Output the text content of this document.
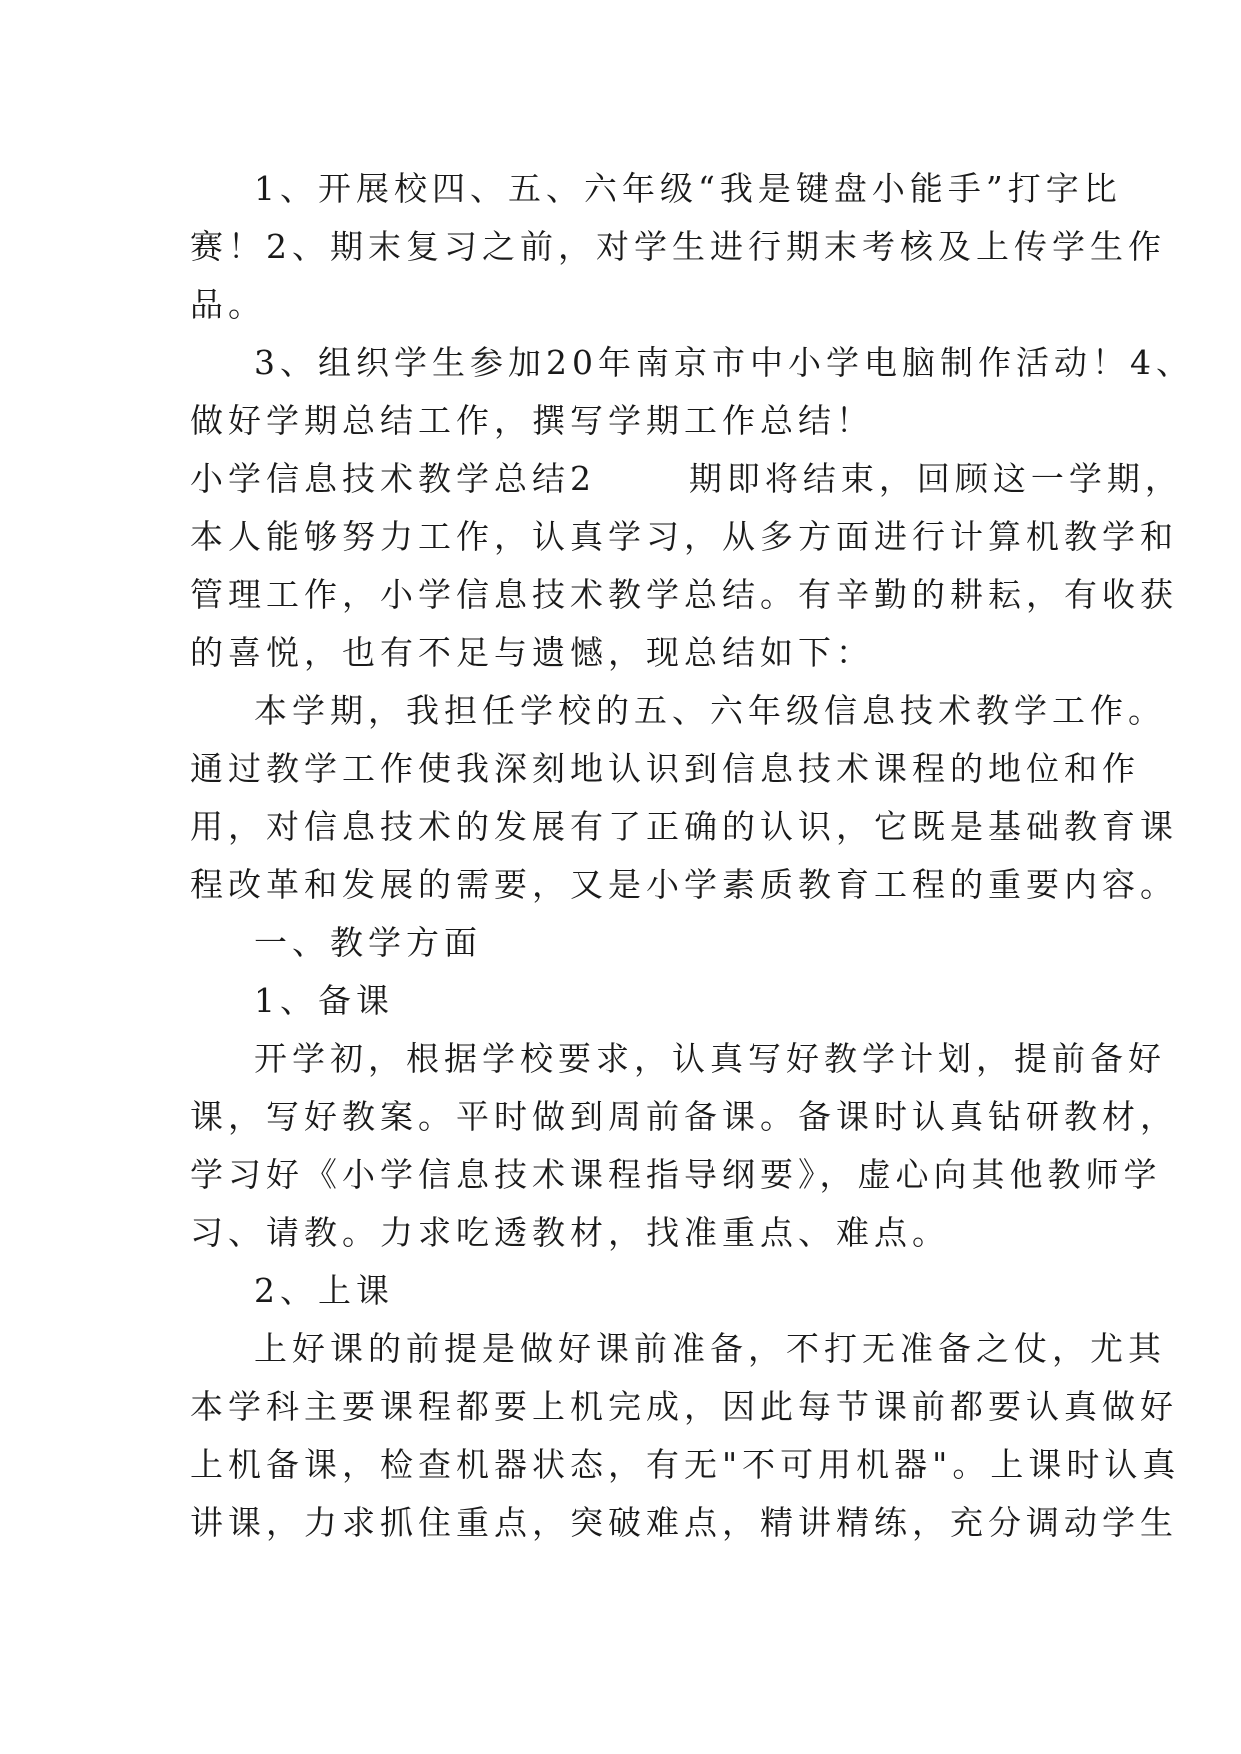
1、开展校四、五、六年级“我是键盘小能手”打字比
赛！2、期末复习之前，对学生进行期末考核及上传学生作
品。
3、组织学生参加20年南京市中小学电脑制作活动！4、
做好学期总结工作，撰写学期工作总结！
小学信息技术教学总结2      期即将结束，回顾这一学期，
本人能够努力工作，认真学习，从多方面进行计算机教学和
管理工作，小学信息技术教学总结。有辛勤的耕耘，有收获
的喜悦，也有不足与遗憾，现总结如下：
本学期，我担任学校的五、六年级信息技术教学工作。
通过教学工作使我深刻地认识到信息技术课程的地位和作
用，对信息技术的发展有了正确的认识，它既是基础教育课
程改革和发展的需要，又是小学素质教育工程的重要内容。
一、教学方面
1、备课
开学初，根据学校要求，认真写好教学计划，提前备好
课，写好教案。平时做到周前备课。备课时认真钻研教材，
学习好《小学信息技术课程指导纲要》，虚心向其他教师学
习、请教。力求吃透教材，找准重点、难点。
2、上课
上好课的前提是做好课前准备，不打无准备之仗，尤其
本学科主要课程都要上机完成，因此每节课前都要认真做好
上机备课，检查机器状态，有无"不可用机器"。上课时认真
讲课，力求抓住重点，突破难点，精讲精练，充分调动学生
